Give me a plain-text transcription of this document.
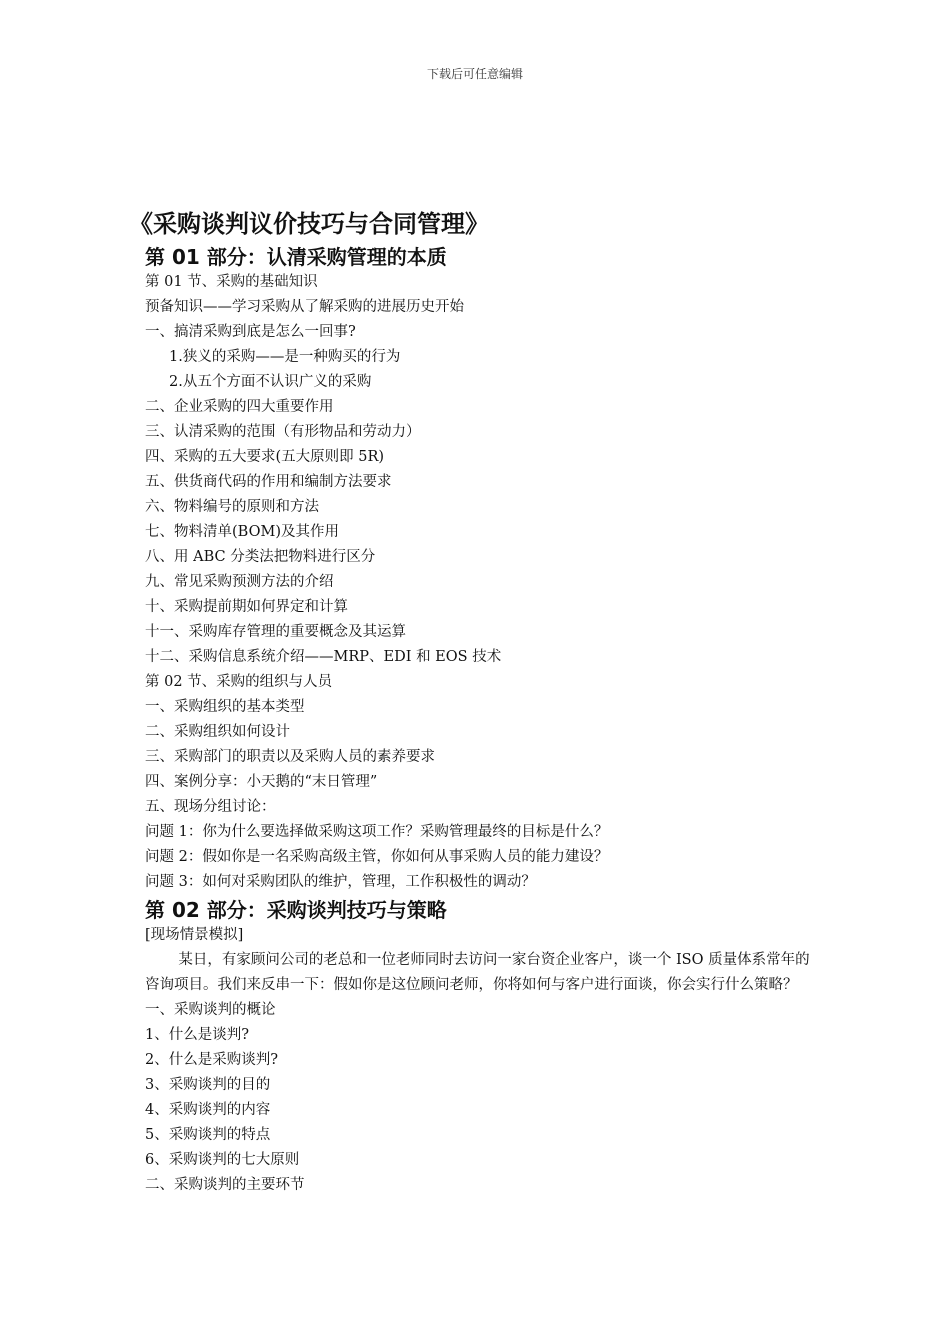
下载后可任意编辑
《采购谈判议价技巧与合同管理》
第 01 部分：认清采购管理的本质
第 01 节、采购的基础知识
预备知识——学习采购从了解采购的进展历史开始
一、搞清采购到底是怎么一回事?
1.狭义的采购——是一种购买的行为
2.从五个方面不认识广义的采购
二、企业采购的四大重要作用
三、认清采购的范围（有形物品和劳动力）
四、采购的五大要求(五大原则即 5R)
五、供货商代码的作用和编制方法要求
六、物料编号的原则和方法
七、物料清单(BOM)及其作用
八、用 ABC 分类法把物料进行区分
九、常见采购预测方法的介绍
十、采购提前期如何界定和计算
十一、采购库存管理的重要概念及其运算
十二、采购信息系统介绍——MRP、EDI 和 EOS 技术
第 02 节、采购的组织与人员
一、采购组织的基本类型
二、采购组织如何设计
三、采购部门的职责以及采购人员的素养要求
四、案例分享：小天鹅的“末日管理”
五、现场分组讨论：
问题 1：你为什么要选择做采购这项工作？采购管理最终的目标是什么？
问题 2：假如你是一名采购高级主管，你如何从事采购人员的能力建设？
问题 3：如何对采购团队的维护，管理，工作积极性的调动？
第 02 部分：采购谈判技巧与策略
[现场情景模拟]
某日，有家顾问公司的老总和一位老师同时去访问一家台资企业客户，谈一个 ISO 质量体系常年的咨询项目。我们来反串一下：假如你是这位顾问老师，你将如何与客户进行面谈，你会实行什么策略？
一、采购谈判的概论
1、什么是谈判?
2、什么是采购谈判?
3、采购谈判的目的
4、采购谈判的内容
5、采购谈判的特点
6、采购谈判的七大原则
二、采购谈判的主要环节
